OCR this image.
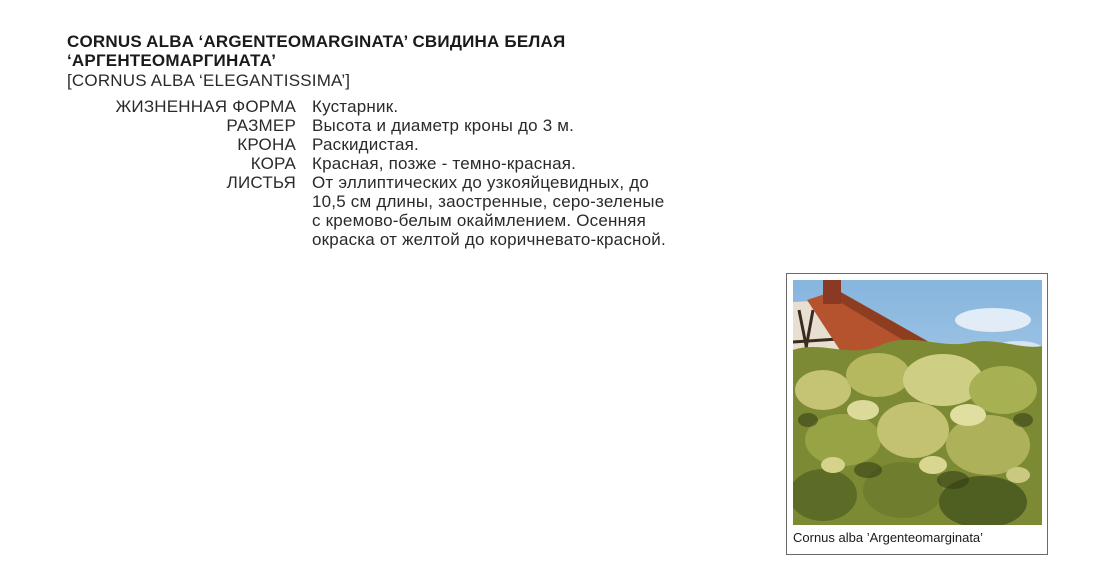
CORNUS ALBA ‘ARGENTEOMARGINATA’ СВИДИНА БЕЛАЯ
‘АРГЕНТЕОМАРГИНАТА’
[CORNUS ALBA ‘ELEGANTISSIMA’]
ЖИЗНЕННАЯ ФОРМА Кустарник.
РАЗМЕР Высота и диаметр кроны до 3 м.
КРОНА Раскидистая.
КОРА Красная, позже - темно-красная.
ЛИСТЬЯ От эллиптических до узкояйцевидных, до
10,5 см длины, заостренные, серо-зеленые
с кремово-белым окаймлением. Осенняя
окраска от желтой до коричневато-красной.
Cornus alba ’Argenteomarginata’
